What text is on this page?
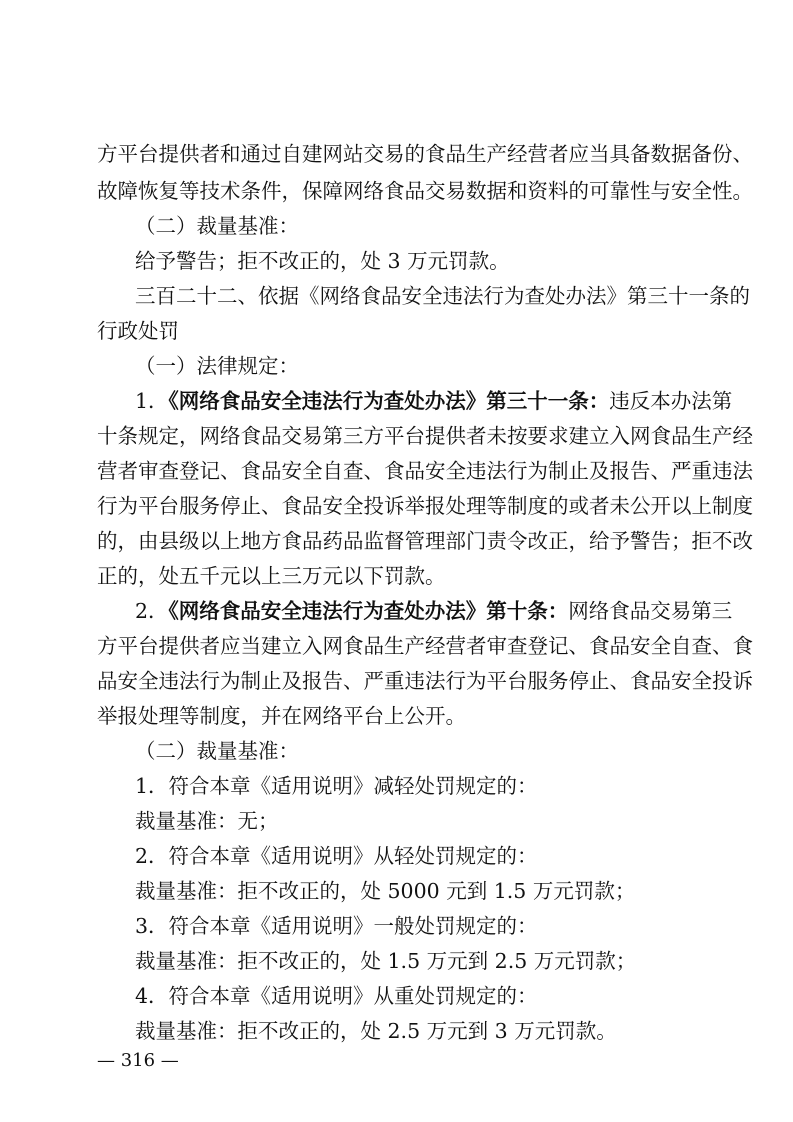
方平台提供者和通过自建网站交易的食品生产经营者应当具备数据备份、
故障恢复等技术条件，保障网络食品交易数据和资料的可靠性与安全性。
（二）裁量基准：
给予警告；拒不改正的，处 3 万元罚款。
三百二十二、依据《网络食品安全违法行为查处办法》第三十一条的
行政处罚
（一）法律规定：
1．《网络食品安全违法行为查处办法》第三十一条：违反本办法第
十条规定，网络食品交易第三方平台提供者未按要求建立入网食品生产经
营者审查登记、食品安全自查、食品安全违法行为制止及报告、严重违法
行为平台服务停止、食品安全投诉举报处理等制度的或者未公开以上制度
的，由县级以上地方食品药品监督管理部门责令改正，给予警告；拒不改
正的，处五千元以上三万元以下罚款。
2．《网络食品安全违法行为查处办法》第十条：网络食品交易第三
方平台提供者应当建立入网食品生产经营者审查登记、食品安全自查、食
品安全违法行为制止及报告、严重违法行为平台服务停止、食品安全投诉
举报处理等制度，并在网络平台上公开。
（二）裁量基准：
1．符合本章《适用说明》减轻处罚规定的：
裁量基准：无；
2．符合本章《适用说明》从轻处罚规定的：
裁量基准：拒不改正的，处 5000 元到 1.5 万元罚款；
3．符合本章《适用说明》一般处罚规定的：
裁量基准：拒不改正的，处 1.5 万元到 2.5 万元罚款；
4．符合本章《适用说明》从重处罚规定的：
裁量基准：拒不改正的，处 2.5 万元到 3 万元罚款。
— 316 —
